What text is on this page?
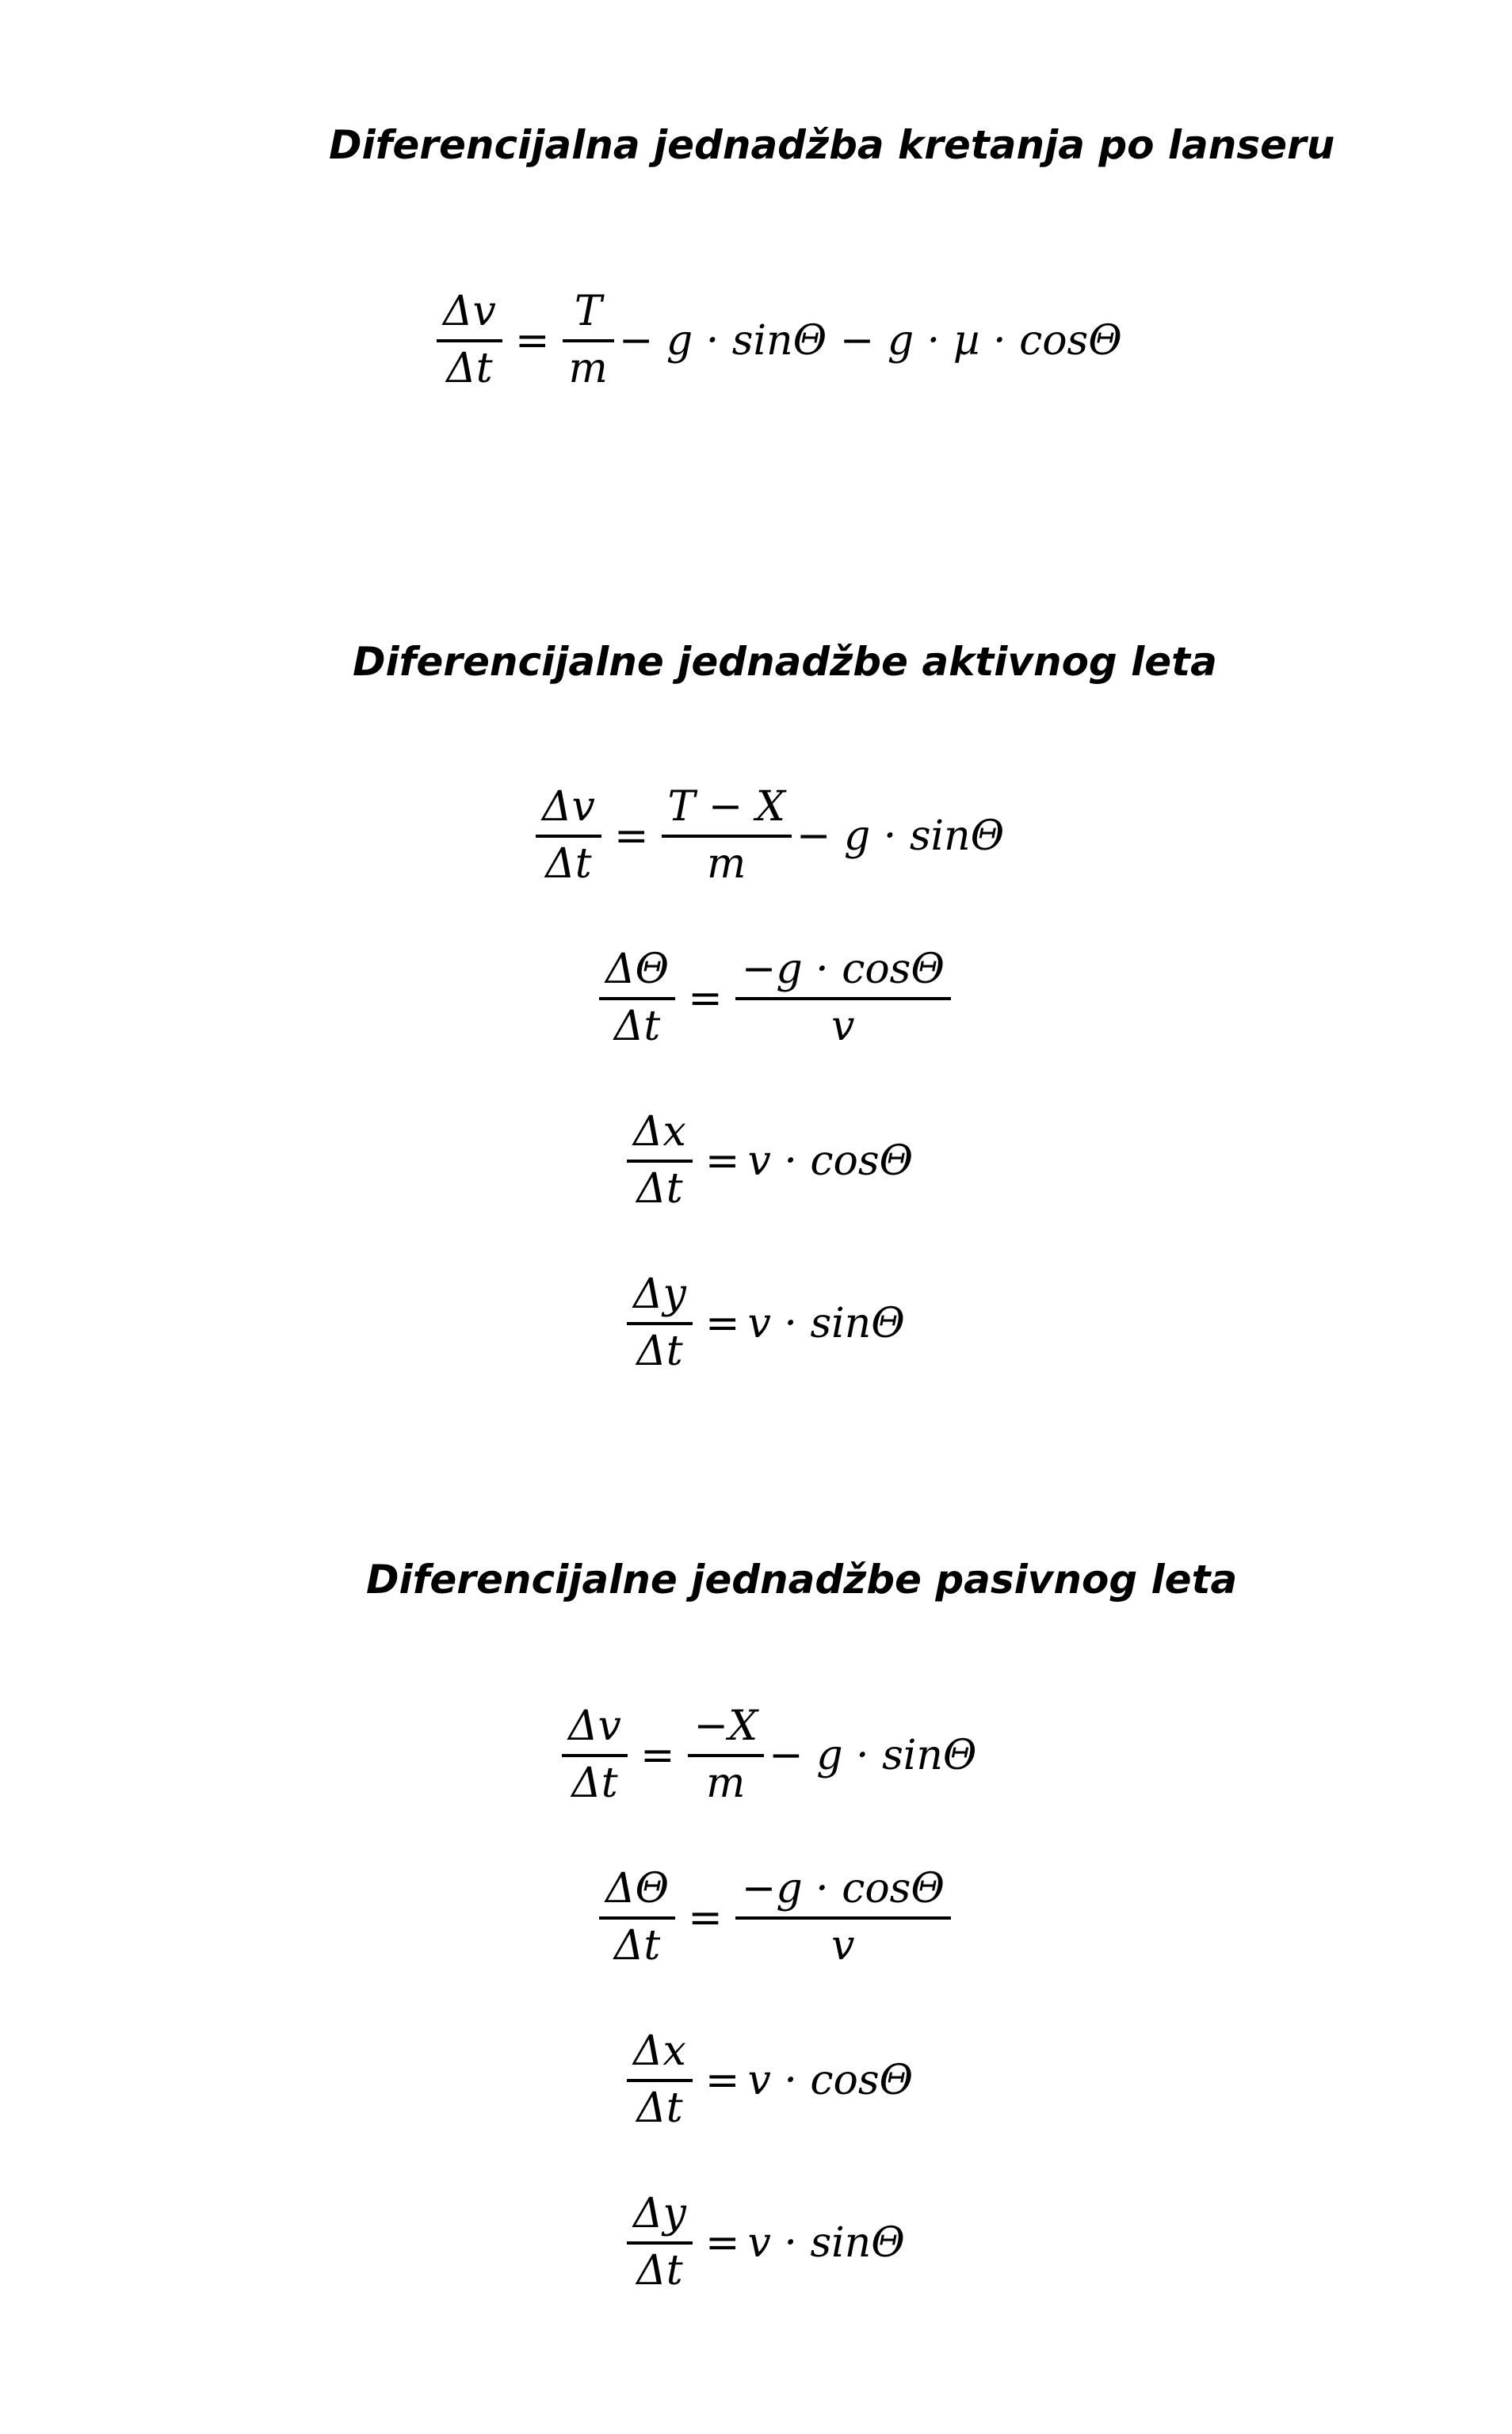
Diferencijalna jednadžba kretanja po lanseru
$\frac{\Delta v}{\Delta t} = \frac{T}{m} - g \cdot \sin\Theta - g \cdot \mu \cdot \cos\Theta$
Diferencijalne jednadžbe aktivnog leta
$\frac{\Delta v}{\Delta t} = \frac{T - X}{m} - g \cdot \sin\Theta$
$\frac{\Delta\Theta}{\Delta t} = \frac{-g \cdot \cos\Theta}{v}$
$\frac{\Delta x}{\Delta t} = v \cdot \cos\Theta$
$\frac{\Delta y}{\Delta t} = v \cdot \sin\Theta$
Diferencijalne jednadžbe pasivnog leta
$\frac{\Delta v}{\Delta t} = \frac{-X}{m} - g \cdot \sin\Theta$
$\frac{\Delta\Theta}{\Delta t} = \frac{-g \cdot \cos\Theta}{v}$
$\frac{\Delta x}{\Delta t} = v \cdot \cos\Theta$
$\frac{\Delta y}{\Delta t} = v \cdot \sin\Theta$
